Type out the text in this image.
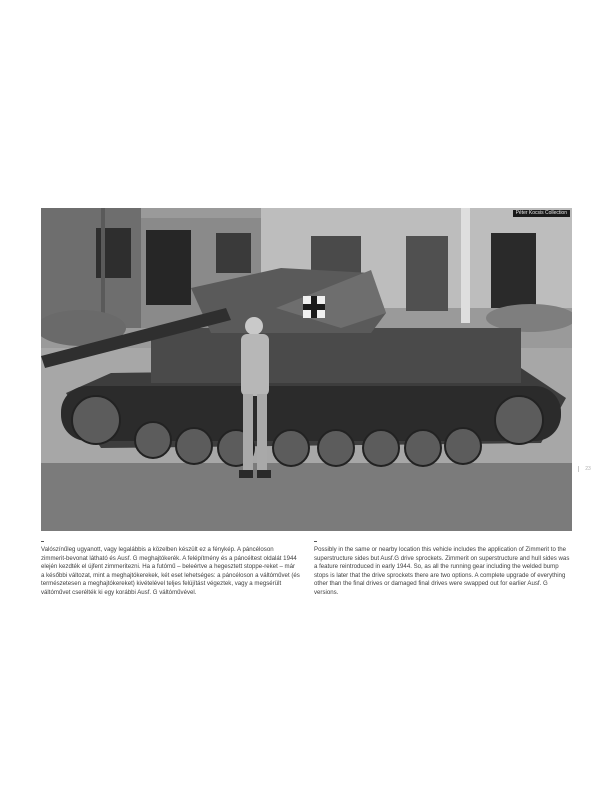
Péter Kocsis Collection
23
Valószínűleg ugyanott, vagy legalábbis a közelben készült ez a fénykép. A páncéloson zimmerit-bevonat látható és Ausf. G meghajtókerék. A felépítmény és a páncéltest oldalát 1944 elején kezdték el újfent zimmeritezni. Ha a futómű – beleértve a hegesztett stoppe-reket – már a későbbi változat, mint a meghajtókerekek, két eset lehetséges: a páncéloson a váltóművet (és természetesen a meghajtókereket) kivételével teljes felújítást végeztek, vagy a megsérült váltóművet cserélték ki egy korábbi Ausf. G váltóművével.
Possibly in the same or nearby location this vehicle includes the application of Zimmerit to the superstructure sides but Ausf.G drive sprockets. Zimmerit on superstructure and hull sides was a feature reintroduced in early 1944. So, as all the running gear including the welded bump stops is later that the drive sprockets there are two options. A complete upgrade of everything other than the final drives or damaged final drives were swapped out for earlier Ausf. G versions.
